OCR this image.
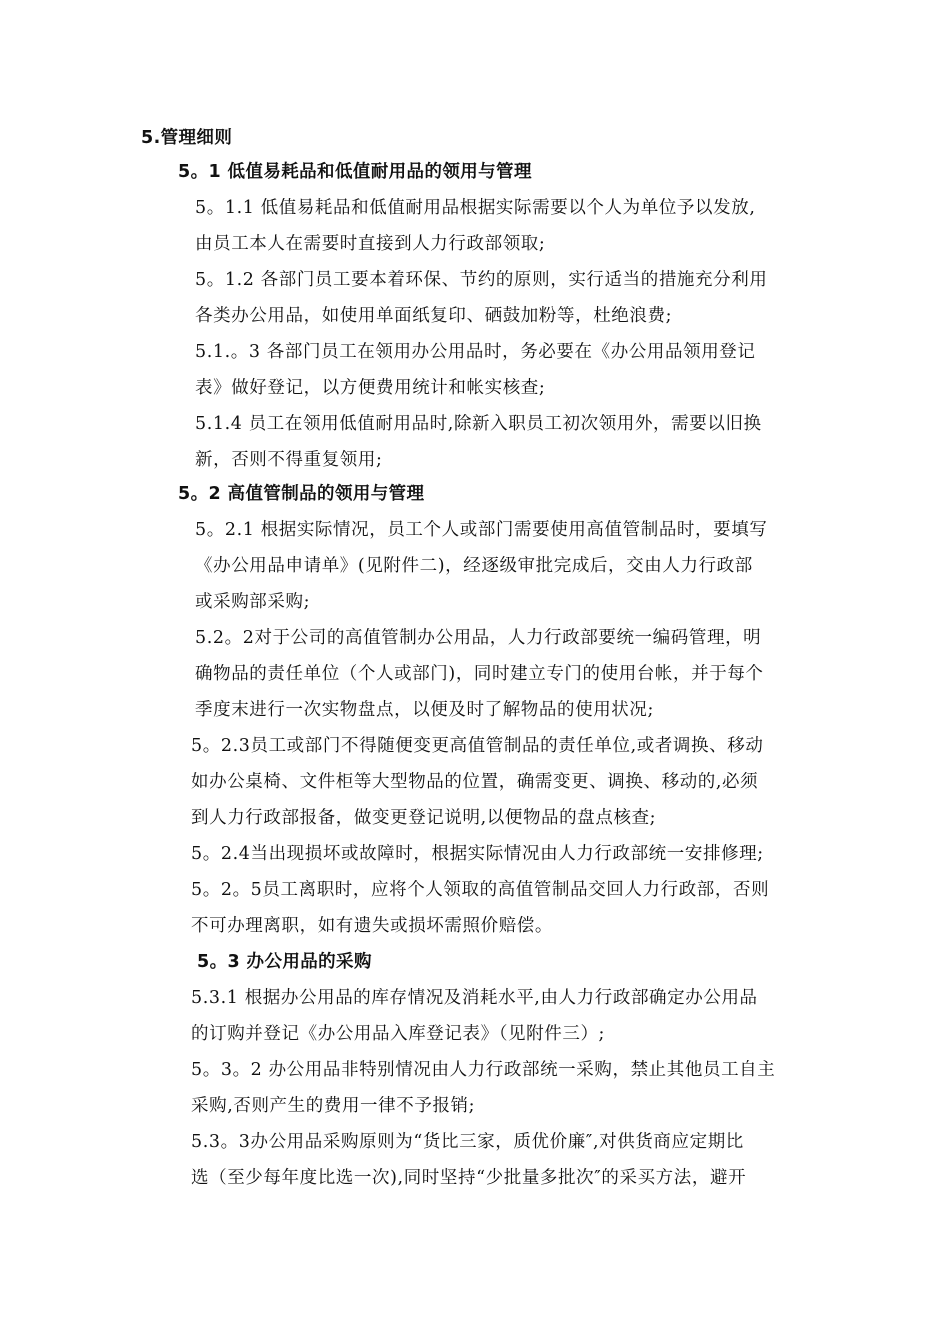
5.管理细则
5。1 低值易耗品和低值耐用品的领用与管理
5。1.1 低值易耗品和低值耐用品根据实际需要以个人为单位予以发放,
由员工本人在需要时直接到人力行政部领取;
5。1.2 各部门员工要本着环保、节约的原则，实行适当的措施充分利用
各类办公用品，如使用单面纸复印、硒鼓加粉等，杜绝浪费;
5.1.。3 各部门员工在领用办公用品时，务必要在《办公用品领用登记
表》做好登记，以方便费用统计和帐实核查;
5.1.4 员工在领用低值耐用品时,除新入职员工初次领用外，需要以旧换
新，否则不得重复领用;
5。2 高值管制品的领用与管理
5。2.1 根据实际情况，员工个人或部门需要使用高值管制品时，要填写
《办公用品申请单》(见附件二)，经逐级审批完成后，交由人力行政部
或采购部采购;
5.2。2对于公司的高值管制办公用品，人力行政部要统一编码管理，明
确物品的责任单位（个人或部门)，同时建立专门的使用台帐，并于每个
季度末进行一次实物盘点，以便及时了解物品的使用状况;
5。2.3员工或部门不得随便变更高值管制品的责任单位,或者调换、移动
如办公桌椅、文件柜等大型物品的位置，确需变更、调换、移动的,必须
到人力行政部报备，做变更登记说明,以便物品的盘点核查;
5。2.4当出现损坏或故障时，根据实际情况由人力行政部统一安排修理;
5。2。5员工离职时，应将个人领取的高值管制品交回人力行政部，否则
不可办理离职，如有遗失或损坏需照价赔偿。
5。3 办公用品的采购
5.3.1 根据办公用品的库存情况及消耗水平,由人力行政部确定办公用品
的订购并登记《办公用品入库登记表》（见附件三）;
5。3。2 办公用品非特别情况由人力行政部统一采购，禁止其他员工自主
采购,否则产生的费用一律不予报销;
5.3。3办公用品采购原则为“货比三家，质优价廉″,对供货商应定期比
选（至少每年度比选一次),同时坚持“少批量多批次″的采买方法，避开
